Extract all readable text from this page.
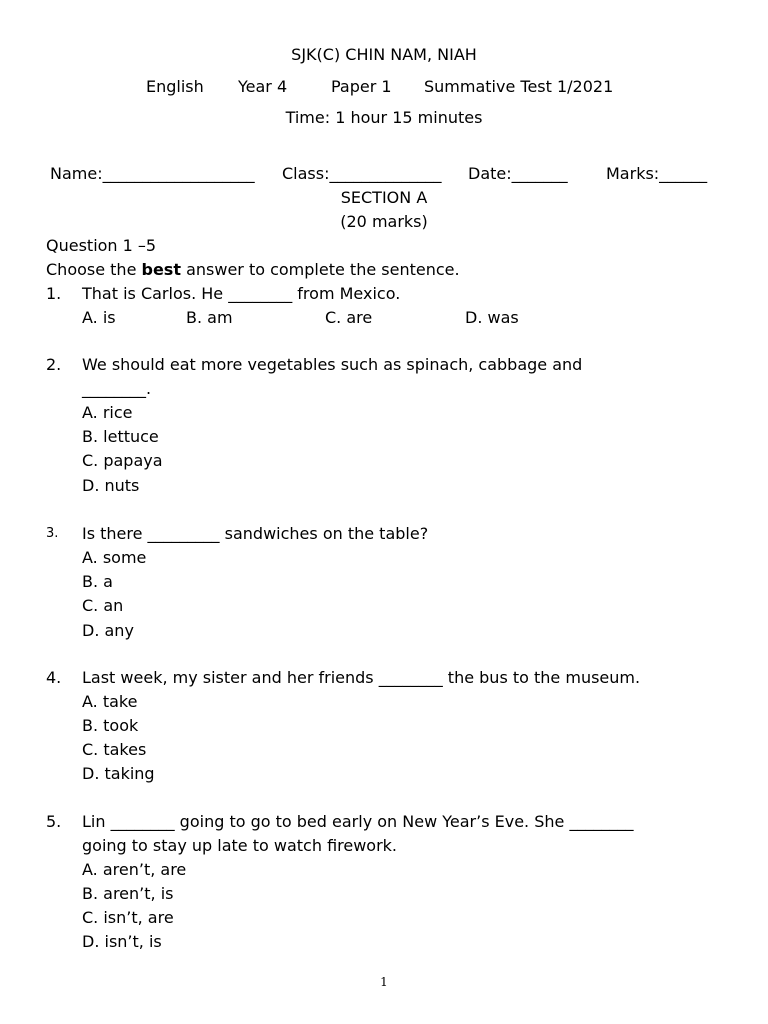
SJK(C) CHIN NAM, NIAH
English Year 4	Paper 1 Summative Test 1/2021
Time: 1 hour 15 minutes
Name:___________________ Class:______________ Date:_______ Marks:______
SECTION A
(20 marks)
Question 1 –5
Choose the best answer to complete the sentence.
1. That is Carlos. He ________ from Mexico.
A. is	B. am	C. are	D. was
2. We should eat more vegetables such as spinach, cabbage and
________.
A. rice
B. lettuce
C. papaya
D. nuts
3. Is there _________ sandwiches on the table?
A. some
B. a
C. an
D. any
4. Last week, my sister and her friends ________ the bus to the museum.
A. take
B. took
C. takes
D. taking
5. Lin ________ going to go to bed early on New Year’s Eve. She ________
going to stay up late to watch firework.
A. aren’t, are
B. aren’t, is
C. isn’t, are
D. isn’t, is
1
